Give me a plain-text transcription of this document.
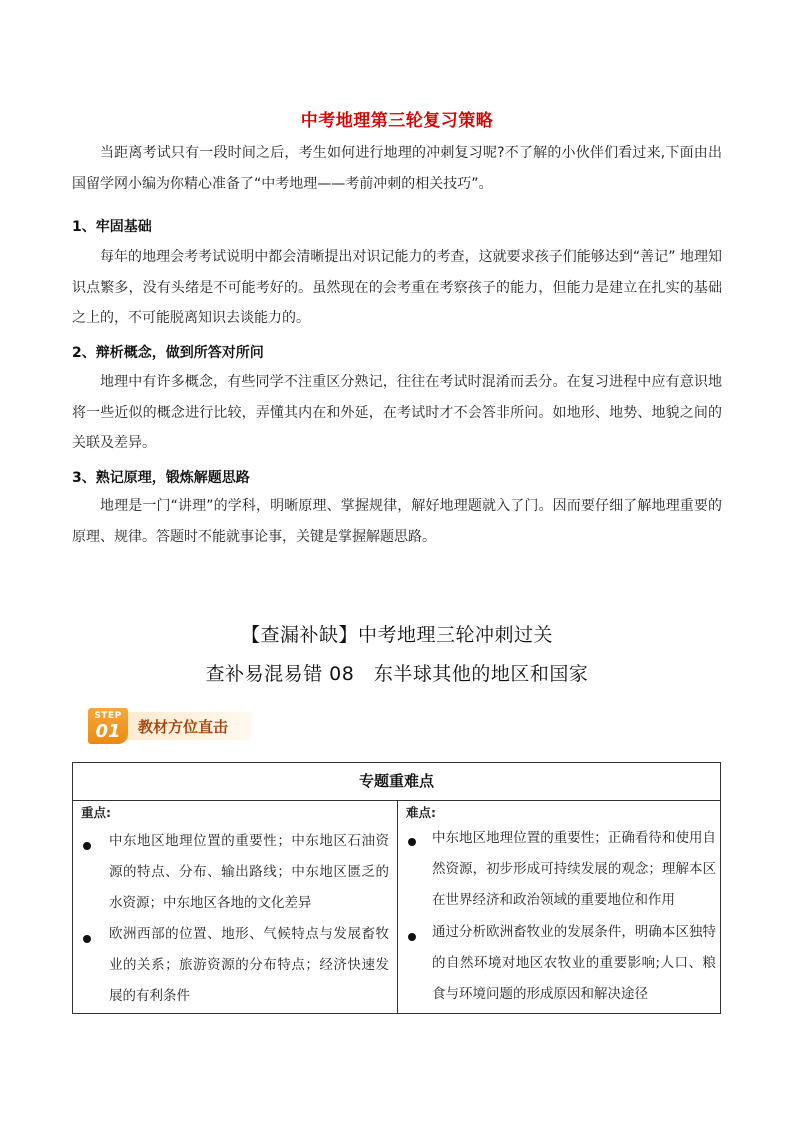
中考地理第三轮复习策略
当距离考试只有一段时间之后，考生如何进行地理的冲刺复习呢?不了解的小伙伴们看过来,下面由出国留学网小编为你精心准备了“中考地理——考前冲刺的相关技巧”。
1、牢固基础
每年的地理会考考试说明中都会清晰提出对识记能力的考查，这就要求孩子们能够达到“善记” 地理知识点繁多，没有头绪是不可能考好的。虽然现在的会考重在考察孩子的能力，但能力是建立在扎实的基础之上的，不可能脱离知识去谈能力的。
2、辩析概念，做到所答对所问
地理中有许多概念，有些同学不注重区分熟记，往往在考试时混淆而丢分。在复习进程中应有意识地将一些近似的概念进行比较，弄懂其内在和外延，在考试时才不会答非所问。如地形、地势、地貌之间的关联及差异。
3、熟记原理，锻炼解题思路
地理是一门“讲理”的学科，明晰原理、掌握规律，解好地理题就入了门。因而要仔细了解地理重要的原理、规律。答题时不能就事论事，关键是掌握解题思路。
【查漏补缺】中考地理三轮冲刺过关
查补易混易错 08   东半球其他的地区和国家
STEP
01	教材方位直击
专题重难点
重点:
中东地区地理位置的重要性；中东地区石油资源的特点、分布、输出路线；中东地区匮乏的水资源；中东地区各地的文化差异
欧洲西部的位置、地形、气候特点与发展畜牧业的关系；旅游资源的分布特点；经济快速发展的有利条件
难点:
中东地区地理位置的重要性；正确看待和使用自然资源，初步形成可持续发展的观念；理解本区在世界经济和政治领域的重要地位和作用
通过分析欧洲畜牧业的发展条件，明确本区独特的自然环境对地区农牧业的重要影响;人口、粮食与环境问题的形成原因和解决途径
